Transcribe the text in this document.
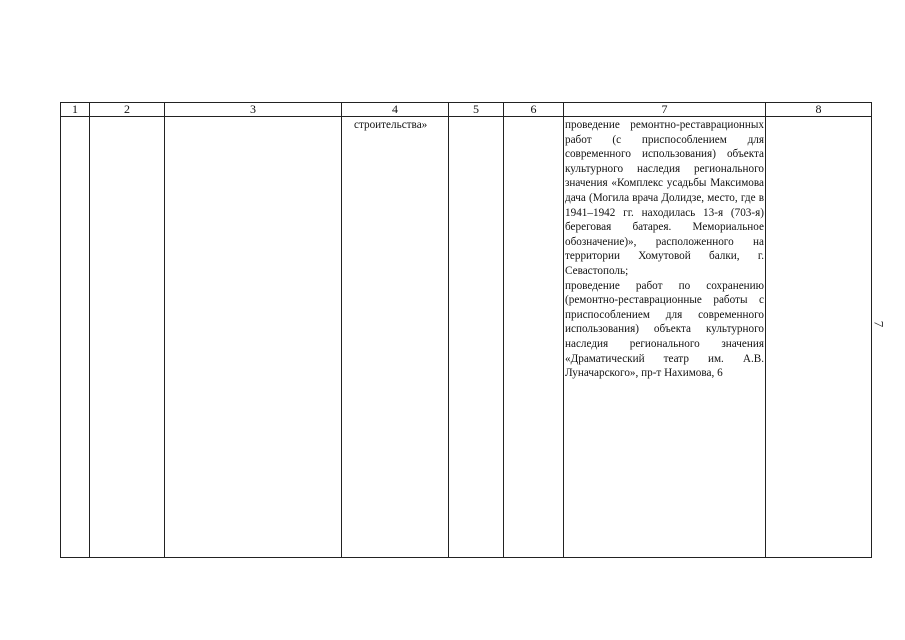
1	2	3	4	5	6	7	8
			строительства»			проведение ремонтно-реставрационных работ (с приспособлением для современного использования) объекта культурного наследия регионального значения «Комплекс усадьбы Максимова дача (Могила врача Долидзе, место, где в 1941–1942 гг. находилась 13-я (703-я) береговая батарея. Мемориальное обозначение)», расположенного на территории Хомутовой балки, г. Севастополь;
проведение работ по сохранению (ремонтно-реставрационные работы с приспособлением для современного использования) объекта культурного наследия регионального значения «Драматический театр им. А.В. Луначарского», пр-т Нахимова, 6	

7
